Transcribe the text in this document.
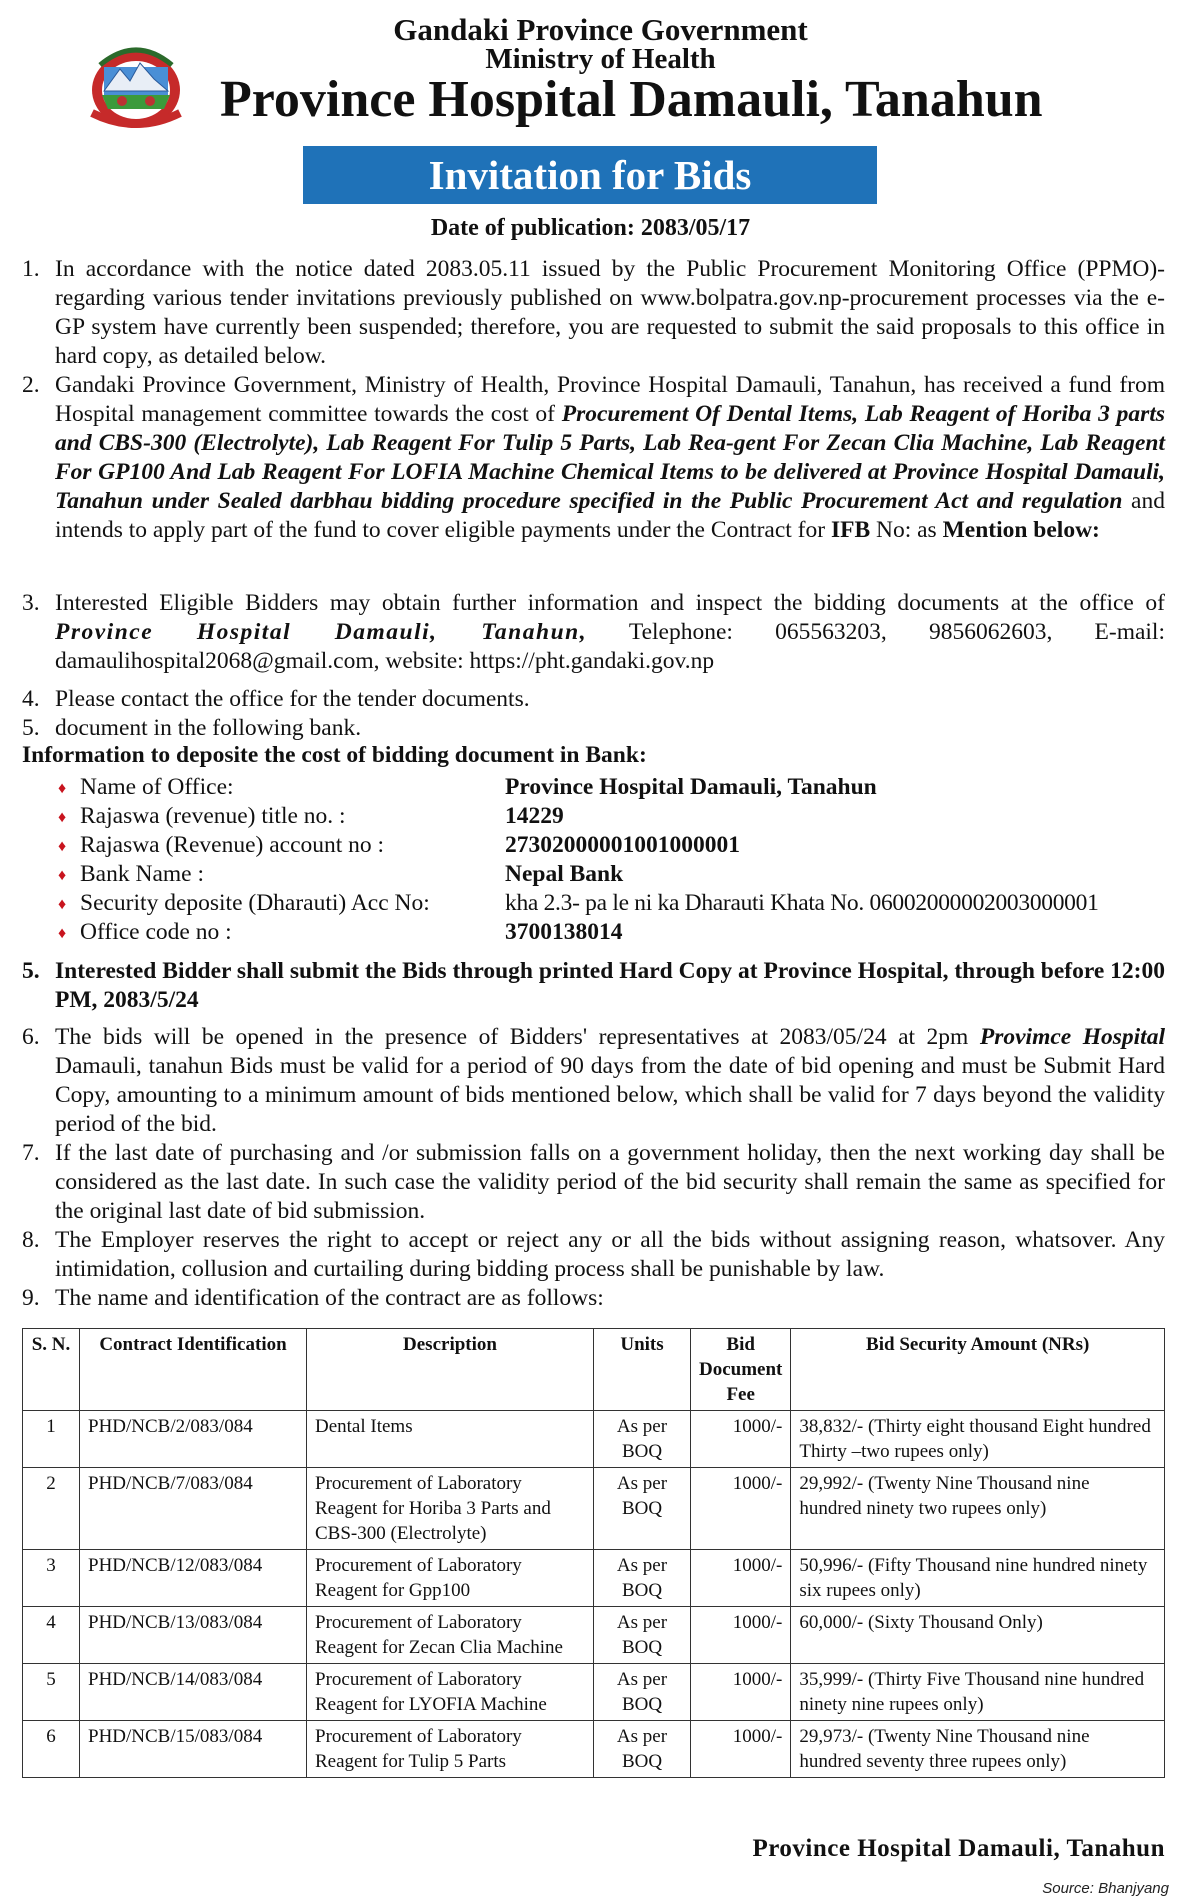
Gandaki Province Government
Ministry of Health
Province Hospital Damauli, Tanahun
Invitation for Bids
Date of publication: 2083/05/17
1. In accordance with the notice dated 2083.05.11 issued by the Public Procurement Monitoring Office (PPMO)-regarding various tender invitations previously published on www.bolpatra.gov.np-procurement processes via the e-GP system have currently been suspended; therefore, you are requested to submit the said proposals to this office in hard copy, as detailed below.
2. Gandaki Province Government, Ministry of Health, Province Hospital Damauli, Tanahun, has received a fund from Hospital management committee towards the cost of Procurement Of Dental Items, Lab Reagent of Horiba 3 parts and CBS-300 (Electrolyte), Lab Reagent For Tulip 5 Parts, Lab Rea-gent For Zecan Clia Machine, Lab Reagent For GP100 And Lab Reagent For LOFIA Machine Chemical Items to be delivered at Province Hospital Damauli, Tanahun under Sealed darbhau bidding procedure specified in the Public Procurement Act and regulation and intends to apply part of the fund to cover eligible payments under the Contract for IFB No: as Mention below:
3. Interested Eligible Bidders may obtain further information and inspect the bidding documents at the office of Province Hospital Damauli, Tanahun, Telephone: 065563203, 9856062603, E-mail: damaulihospital2068@gmail.com, website: https://pht.gandaki.gov.np
4. Please contact the office for the tender documents.
5. document in the following bank.
Information to deposite the cost of bidding document in Bank:
♦ Name of Office:	Province Hospital Damauli, Tanahun
♦ Rajaswa (revenue) title no. :	14229
♦ Rajaswa (Revenue) account no :	27302000001001000001
♦ Bank Name :	Nepal Bank
♦ Security deposite (Dharauti) Acc No:	kha 2.3- pa le ni ka Dharauti Khata No. 06002000002003000001
♦ Office code no :	3700138014
5. Interested Bidder shall submit the Bids through printed Hard Copy at Province Hospital, through before 12:00 PM, 2083/5/24
6. The bids will be opened in the presence of Bidders' representatives at 2083/05/24 at 2pm Provimce Hospital Damauli, tanahun Bids must be valid for a period of 90 days from the date of bid opening and must be Submit Hard Copy, amounting to a minimum amount of bids mentioned below, which shall be valid for 7 days beyond the validity period of the bid.
7. If the last date of purchasing and /or submission falls on a government holiday, then the next working day shall be considered as the last date. In such case the validity period of the bid security shall remain the same as specified for the original last date of bid submission.
8. The Employer reserves the right to accept or reject any or all the bids without assigning reason, whatsover. Any intimidation, collusion and curtailing during bidding process shall be punishable by law.
9. The name and identification of the contract are as follows:
S. N.	Contract Identification	Description	Units	Bid Document Fee	Bid Security Amount (NRs)
1	PHD/NCB/2/083/084	Dental Items	As per BOQ	1000/-	38,832/- (Thirty eight thousand Eight hundred Thirty –two rupees only)
2	PHD/NCB/7/083/084	Procurement of Laboratory Reagent for Horiba 3 Parts and CBS-300 (Electrolyte)	As per BOQ	1000/-	29,992/- (Twenty Nine Thousand nine hundred ninety two rupees only)
3	PHD/NCB/12/083/084	Procurement of Laboratory Reagent for Gpp100	As per BOQ	1000/-	50,996/- (Fifty Thousand nine hundred ninety six rupees only)
4	PHD/NCB/13/083/084	Procurement of Laboratory Reagent for Zecan Clia Machine	As per BOQ	1000/-	60,000/- (Sixty Thousand Only)
5	PHD/NCB/14/083/084	Procurement of Laboratory Reagent for LYOFIA Machine	As per BOQ	1000/-	35,999/- (Thirty Five Thousand nine hundred ninety nine rupees only)
6	PHD/NCB/15/083/084	Procurement of Laboratory Reagent for Tulip 5 Parts	As per BOQ	1000/-	29,973/- (Twenty Nine Thousand nine hundred seventy three rupees only)
Province Hospital Damauli, Tanahun
Source: Bhanjyang
